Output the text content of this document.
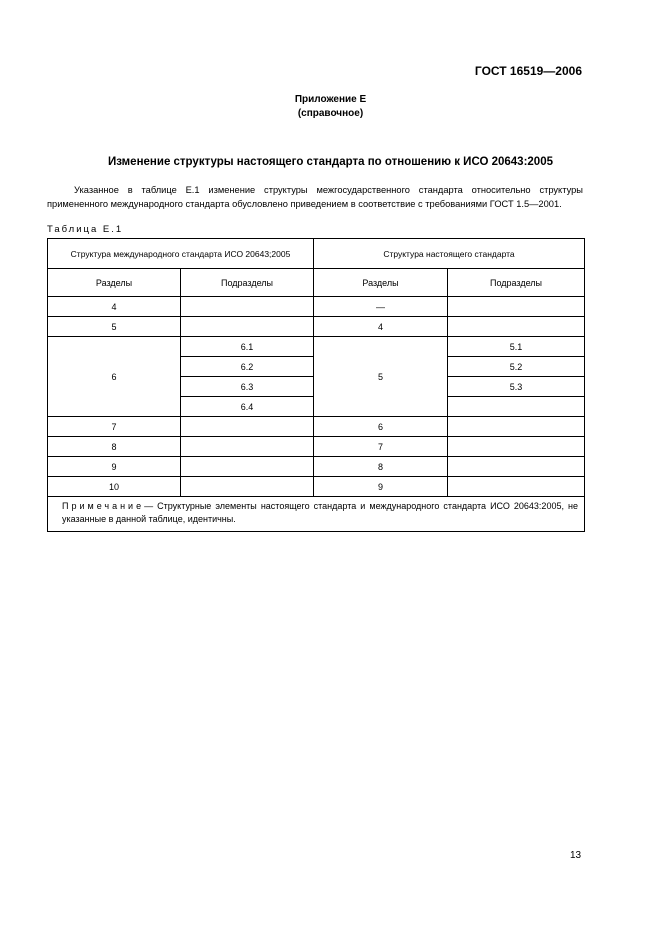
ГОСТ 16519—2006
Приложение Е
(справочное)
Изменение структуры настоящего стандарта по отношению к ИСО 20643:2005
Указанное в таблице Е.1 изменение структуры межгосударственного стандарта относительно структуры примененного международного стандарта обусловлено приведением в соответствие с требованиями ГОСТ 1.5—2001.
Таблица Е.1
Структура международного стандарта ИСО 20643;2005		Структура настоящего стандарта	
Разделы	Подразделы	Разделы	Подразделы
4		—	
5		4	
6	6.1	5	5.1
	6.2		5.2
	6.3		5.3
	6.4		
7		6	
8		7	
9		8	
10		9	
Примечание— Структурные элементы настоящего стандарта и международного стандарта ИСО 20643:2005, не указанные в данной таблице, идентичны.			
13
